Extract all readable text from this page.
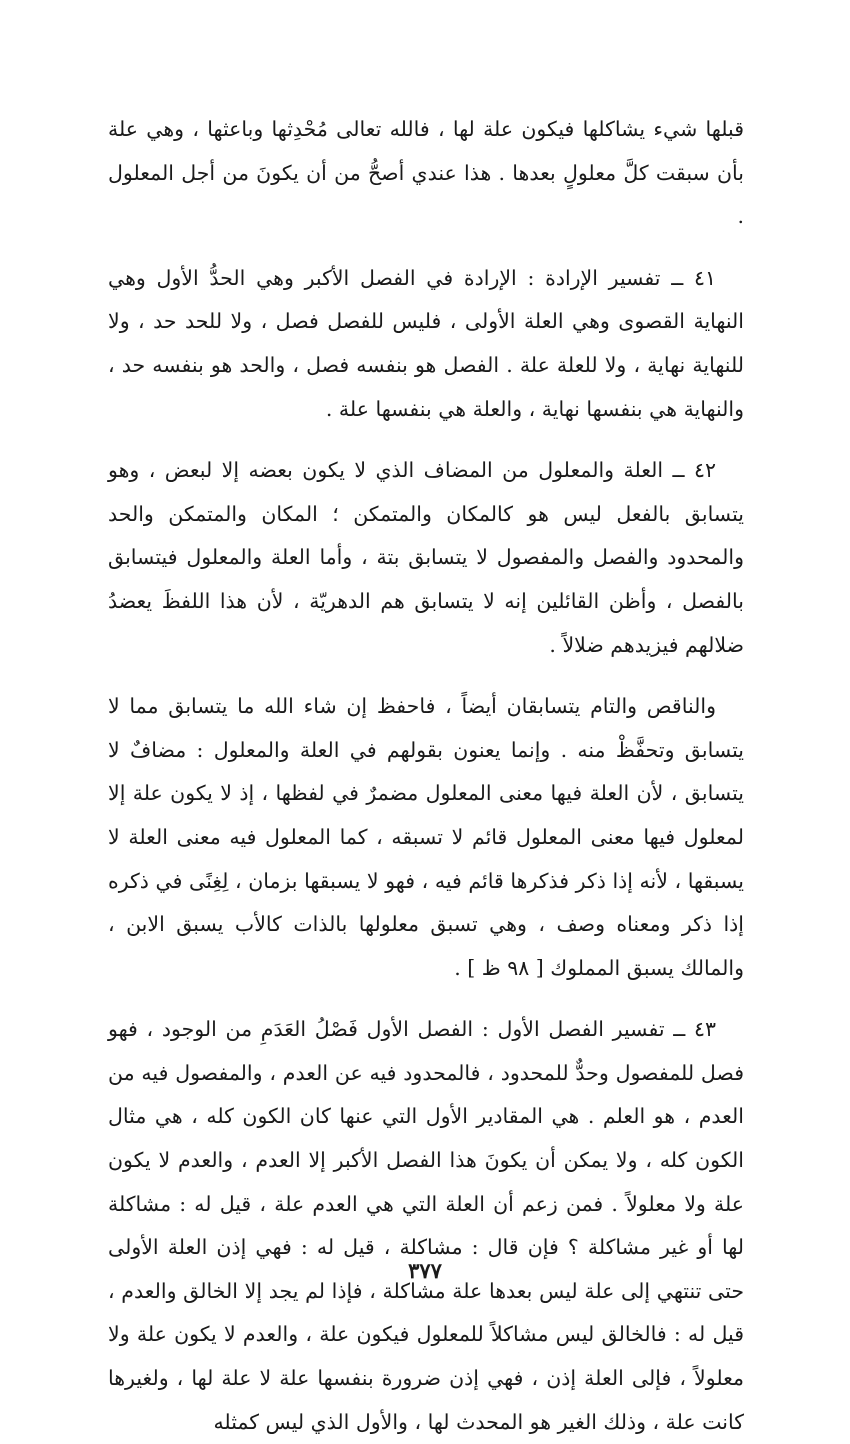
قبلها شيء يشاكلها فيكون علة لها ، فالله تعالى مُحْدِثها وباعثها ، وهي علة بأن سبقت كلَّ معلولٍ بعدها . هذا عندي أصحُّ من أن يكونَ من أجل المعلول .

٤١ ــ تفسير الإرادة : الإرادة في الفصل الأكبر وهي الحدُّ الأول وهي النهاية القصوى وهي العلة الأولى ، فليس للفصل فصل ، ولا للحد حد ، ولا للنهاية نهاية ، ولا للعلة علة . الفصل هو بنفسه فصل ، والحد هو بنفسه حد ، والنهاية هي بنفسها نهاية ، والعلة هي بنفسها علة .

٤٢ ــ العلة والمعلول من المضاف الذي لا يكون بعضه إلا لبعض ، وهو يتسابق بالفعل ليس هو كالمكان والمتمكن ؛ المكان والمتمكن والحد والمحدود والفصل والمفصول لا يتسابق بتة ، وأما العلة والمعلول فيتسابق بالفصل ، وأظن القائلين إنه لا يتسابق هم الدهريّة ، لأن هذا اللفظَ يعضدُ ضلالهم فيزيدهم ضلالاً .

والناقص والتام يتسابقان أيضاً ، فاحفظ إن شاء الله ما يتسابق مما لا يتسابق وتحفَّظْ منه . وإنما يعنون بقولهم في العلة والمعلول : مضافٌ لا يتسابق ، لأن العلة فيها معنى المعلول مضمرٌ في لفظها ، إذ لا يكون علة إلا لمعلول فيها معنى المعلول قائم لا تسبقه ، كما المعلول فيه معنى العلة لا يسبقها ، لأنه إذا ذكر فذكرها قائم فيه ، فهو لا يسبقها بزمان ، لِغِنًى في ذكره إذا ذكر ومعناه وصف ، وهي تسبق معلولها بالذات كالأب يسبق الابن ، والمالك يسبق المملوك [ ٩٨ ظ ] .

٤٣ ــ تفسير الفصل الأول : الفصل الأول فَصْلُ العَدَمِ من الوجود ، فهو فصل للمفصول وحدٌّ للمحدود ، فالمحدود فيه عن العدم ، والمفصول فيه من العدم ، هو العلم . هي المقادير الأول التي عنها كان الكون كله ، هي مثال الكون كله ، ولا يمكن أن يكونَ هذا الفصل الأكبر إلا العدم ، والعدم لا يكون علة ولا معلولاً . فمن زعم أن العلة التي هي العدم علة ، قيل له : مشاكلة لها أو غير مشاكلة ؟ فإن قال : مشاكلة ، قيل له : فهي إذن العلة الأولى حتى تنتهي إلى علة ليس بعدها علة مشاكلة ، فإذا لم يجد إلا الخالق والعدم ، قيل له : فالخالق ليس مشاكلاً للمعلول فيكون علة ، والعدم لا يكون علة ولا معلولاً ، فإلى العلة إذن ، فهي إذن ضرورة بنفسها علة لا علة لها ، ولغيرها كانت علة ، وذلك الغير هو المحدث لها ، والأول الذي ليس كمثله

٣٧٧
